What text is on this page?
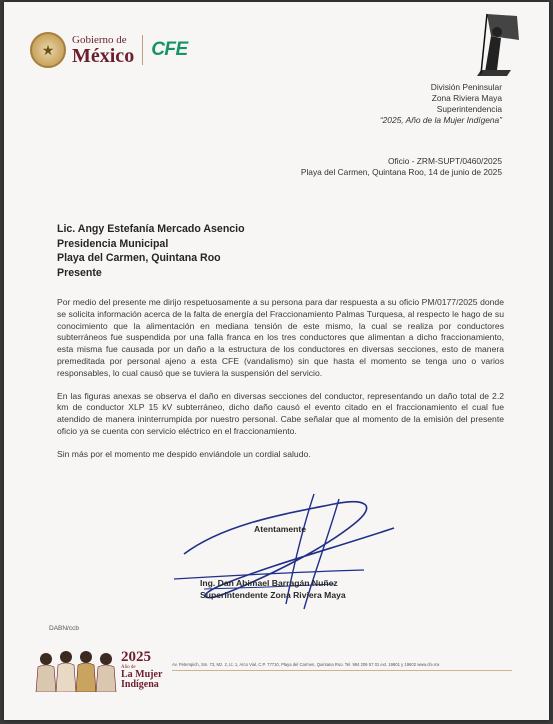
★
Gobierno de
México CFE
División Peninsular
Zona Riviera Maya
Superintendencia
“2025, Año de la Mujer Indígena”
Oficio - ZRM-SUPT/0460/2025
Playa del Carmen, Quintana Roo, 14 de junio de 2025
Lic. Angy Estefanía Mercado Asencio
Presidencia Municipal
Playa del Carmen, Quintana Roo
Presente

Por medio del presente me dirijo respetuosamente a su persona para dar respuesta a su oficio PM/0177/2025 donde se solicita información acerca de la falta de energía del Fraccionamiento Palmas Turquesa, al respecto le hago de su conocimiento que la alimentación en mediana tensión de este mismo, la cual se realiza por conductores subterráneos fue suspendida por una falla franca en los tres conductores que alimentan a dicho fraccionamiento, esta misma fue causada por un daño a la estructura de los conductores en diversas secciones, esto de manera premeditada por personal ajeno a esta CFE (vandalismo) sin que hasta el momento se tenga uno o varios responsables, lo cual causó que se tuviera la suspensión del servicio.

En las figuras anexas se observa el daño en diversas secciones del conductor, representando un daño total de 2.2 km de conductor XLP 15 kV subterráneo, dicho daño causó el evento citado en el fraccionamiento el cual fue atendido de manera ininterrumpida por nuestro personal. Cabe señalar que al momento de la emisión del presente oficio ya se cuenta con servicio eléctrico en el fraccionamiento.

Sin más por el momento me despido enviándole un cordial saludo.

Atentamente
Ing. Dan Abimael Barragán Nuñez
Superintendente Zona Riviera Maya
DABN/ccb
2025
Año de
La Mujer
Indígena
Av. Petempich, Sm. 73, Mz. 2, Lt. 1, Arco Vial, C.P. 77710, Playa del Carmen, Quintana Roo. Tel. 984 206 57 01 ext. 19601 y 19602 www.cfe.mx
